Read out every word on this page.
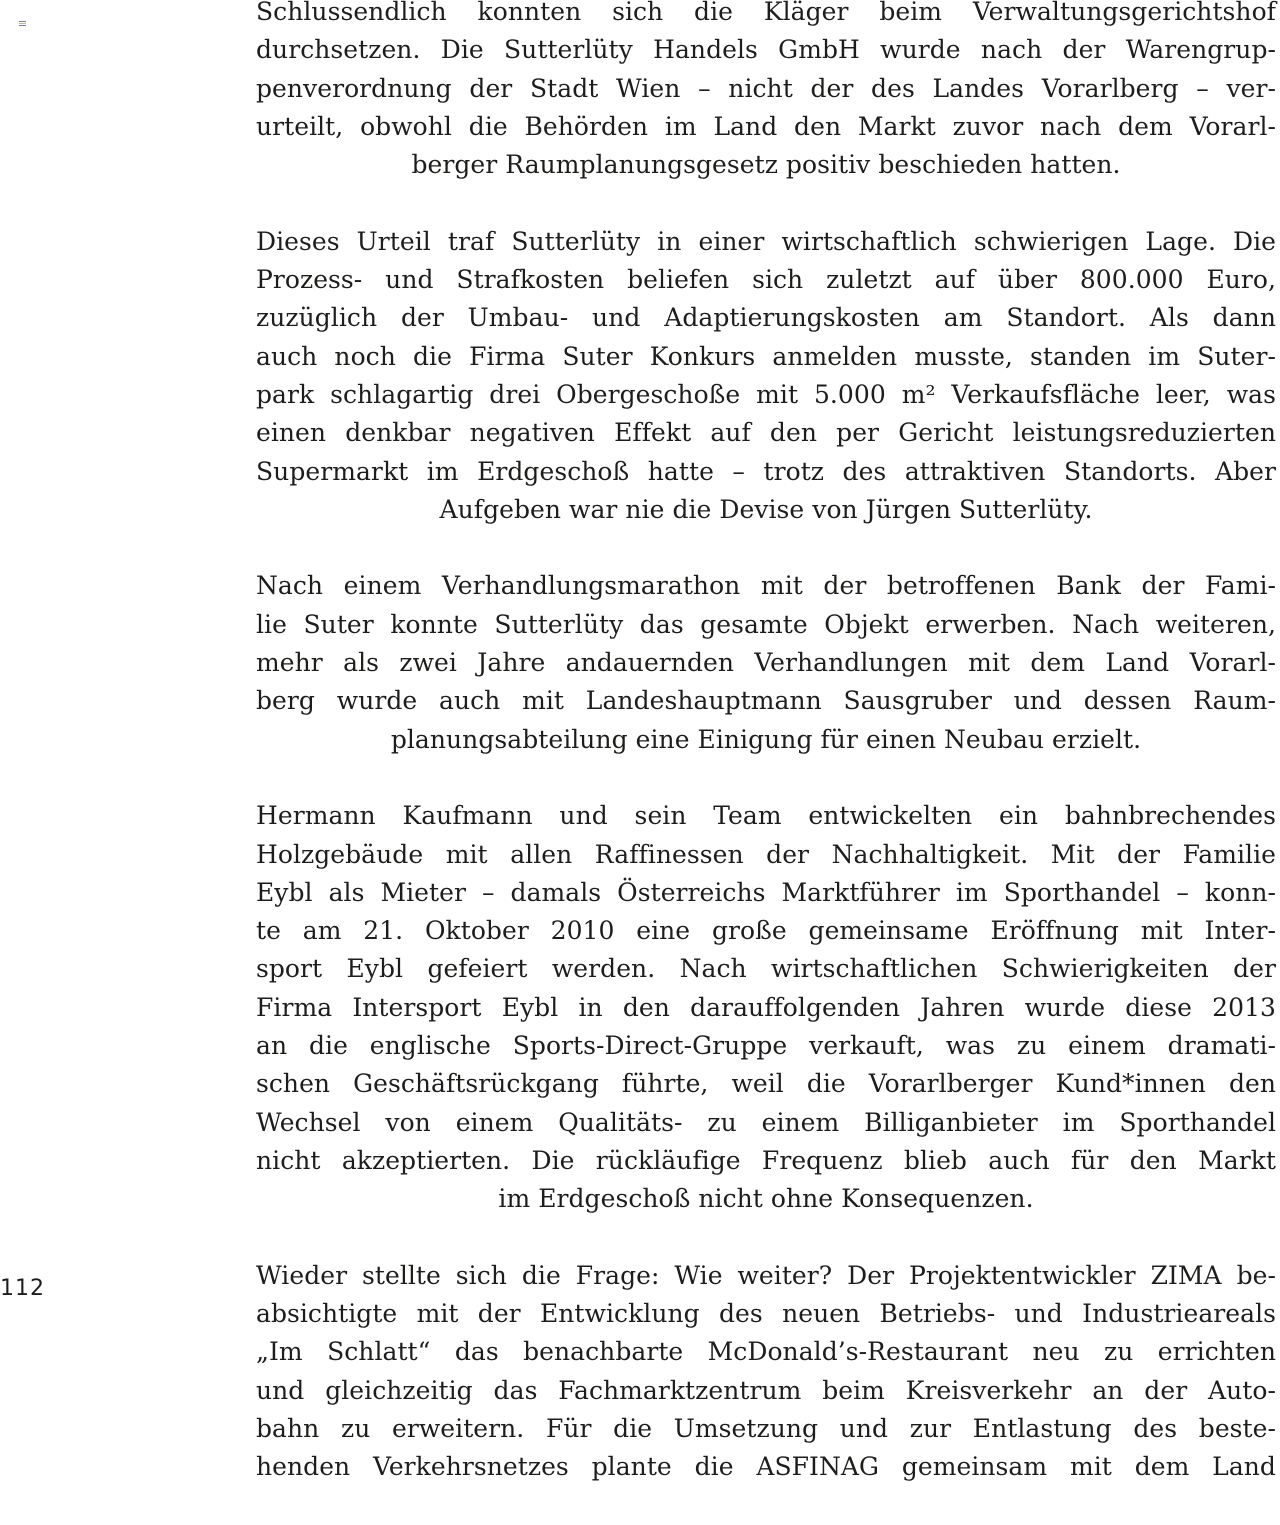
112

Schlussendlich konnten sich die Kläger beim Verwaltungsgerichtshof
durchsetzen. Die Sutterlüty Handels GmbH wurde nach der Warengrup-
penverordnung der Stadt Wien – nicht der des Landes Vorarlberg – ver-
urteilt, obwohl die Behörden im Land den Markt zuvor nach dem Vorarl-
berger Raumplanungsgesetz positiv beschieden hatten.

Dieses Urteil traf Sutterlüty in einer wirtschaftlich schwierigen Lage. Die
Prozess- und Strafkosten beliefen sich zuletzt auf über 800.000 Euro,
zuzüglich der Umbau- und Adaptierungskosten am Standort. Als dann
auch noch die Firma Suter Konkurs anmelden musste, standen im Suter-
park schlagartig drei Obergeschoße mit 5.000 m² Verkaufsfläche leer, was
einen denkbar negativen Effekt auf den per Gericht leistungsreduzierten
Supermarkt im Erdgeschoß hatte – trotz des attraktiven Standorts. Aber
Aufgeben war nie die Devise von Jürgen Sutterlüty.

Nach einem Verhandlungsmarathon mit der betroffenen Bank der Fami-
lie Suter konnte Sutterlüty das gesamte Objekt erwerben. Nach weiteren,
mehr als zwei Jahre andauernden Verhandlungen mit dem Land Vorarl-
berg wurde auch mit Landeshauptmann Sausgruber und dessen Raum-
planungsabteilung eine Einigung für einen Neubau erzielt.

Hermann Kaufmann und sein Team entwickelten ein bahnbrechendes
Holzgebäude mit allen Raffinessen der Nachhaltigkeit. Mit der Familie
Eybl als Mieter – damals Österreichs Marktführer im Sporthandel – konn-
te am 21. Oktober 2010 eine große gemeinsame Eröffnung mit Inter-
sport Eybl gefeiert werden. Nach wirtschaftlichen Schwierigkeiten der
Firma Intersport Eybl in den darauffolgenden Jahren wurde diese 2013
an die englische Sports-Direct-Gruppe verkauft, was zu einem dramati-
schen Geschäftsrückgang führte, weil die Vorarlberger Kund*innen den
Wechsel von einem Qualitäts- zu einem Billiganbieter im Sporthandel
nicht akzeptierten. Die rückläufige Frequenz blieb auch für den Markt
im Erdgeschoß nicht ohne Konsequenzen.

Wieder stellte sich die Frage: Wie weiter? Der Projektentwickler ZIMA be-
absichtigte mit der Entwicklung des neuen Betriebs- und Industrieareals
„Im Schlatt“ das benachbarte McDonald’s-Restaurant neu zu errichten
und gleichzeitig das Fachmarktzentrum beim Kreisverkehr an der Auto-
bahn zu erweitern. Für die Umsetzung und zur Entlastung des beste-
henden Verkehrsnetzes plante die ASFINAG gemeinsam mit dem Land
